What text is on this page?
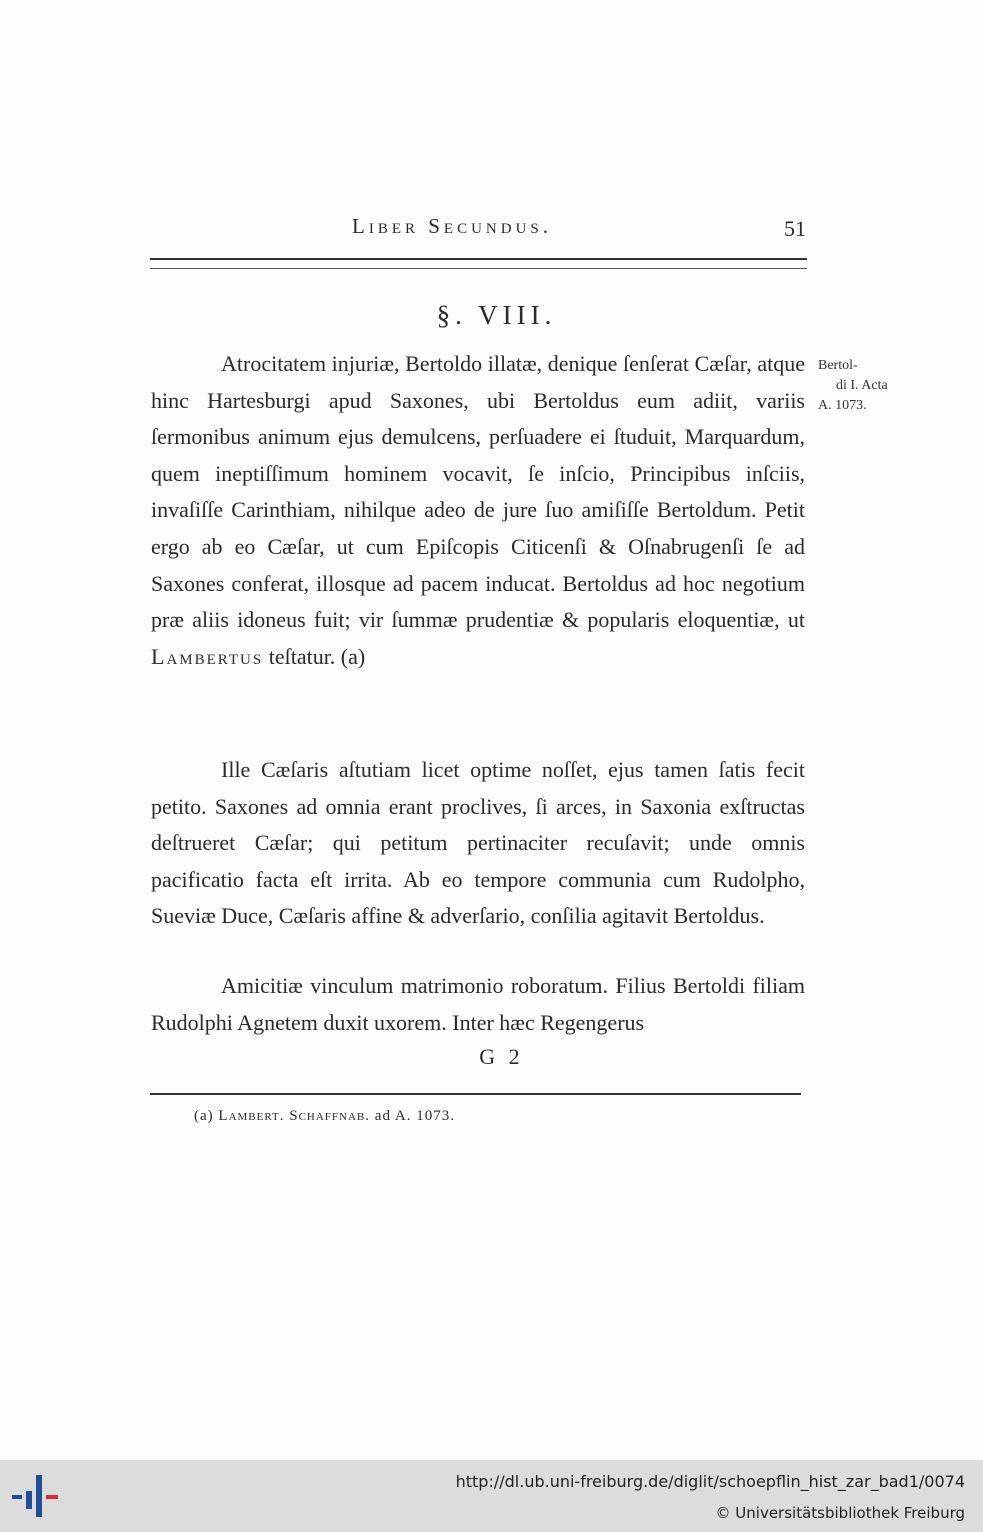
Liber Secundus.	51
§. VIII.

Atrocitatem injuriæ, Bertoldo illatæ, denique ſenſerat Cæſar, atque hinc Hartesburgi apud Saxones, ubi Bertoldus eum adiit, variis ſermonibus animum ejus demulcens, perſuadere ei ſtuduit, Marquardum, quem ineptiſſimum hominem vocavit, ſe inſcio, Principibus inſciis, invaſiſſe Carinthiam, nihilque adeo de jure ſuo amiſiſſe Bertoldum. Petit ergo ab eo Cæſar, ut cum Epiſcopis Citicenſi & Oſnabrugenſi ſe ad Saxones conferat, illosque ad pacem inducat. Bertoldus ad hoc negotium præ aliis idoneus fuit; vir ſummæ prudentiæ & popularis eloquentiæ, ut Lambertus teſtatur. (a)

Bertol-
di I. Acta
A. 1073.

Ille Cæſaris aſtutiam licet optime noſſet, ejus tamen ſatis fecit petito. Saxones ad omnia erant proclives, ſi arces, in Saxonia exſtructas deſtrueret Cæſar; qui petitum pertinaciter recuſavit; unde omnis pacificatio facta eſt irrita. Ab eo tempore communia cum Rudolpho, Sueviæ Duce, Cæſaris affine & adverſario, conſilia agitavit Bertoldus.

Amicitiæ vinculum matrimonio roboratum. Filius Bertoldi filiam Rudolphi Agnetem duxit uxorem. Inter hæc Regengerus

G 2
(a) Lambert. Schaffnab. ad A. 1073.
http://dl.ub.uni-freiburg.de/diglit/schoepflin_hist_zar_bad1/0074
© Universitätsbibliothek Freiburg
